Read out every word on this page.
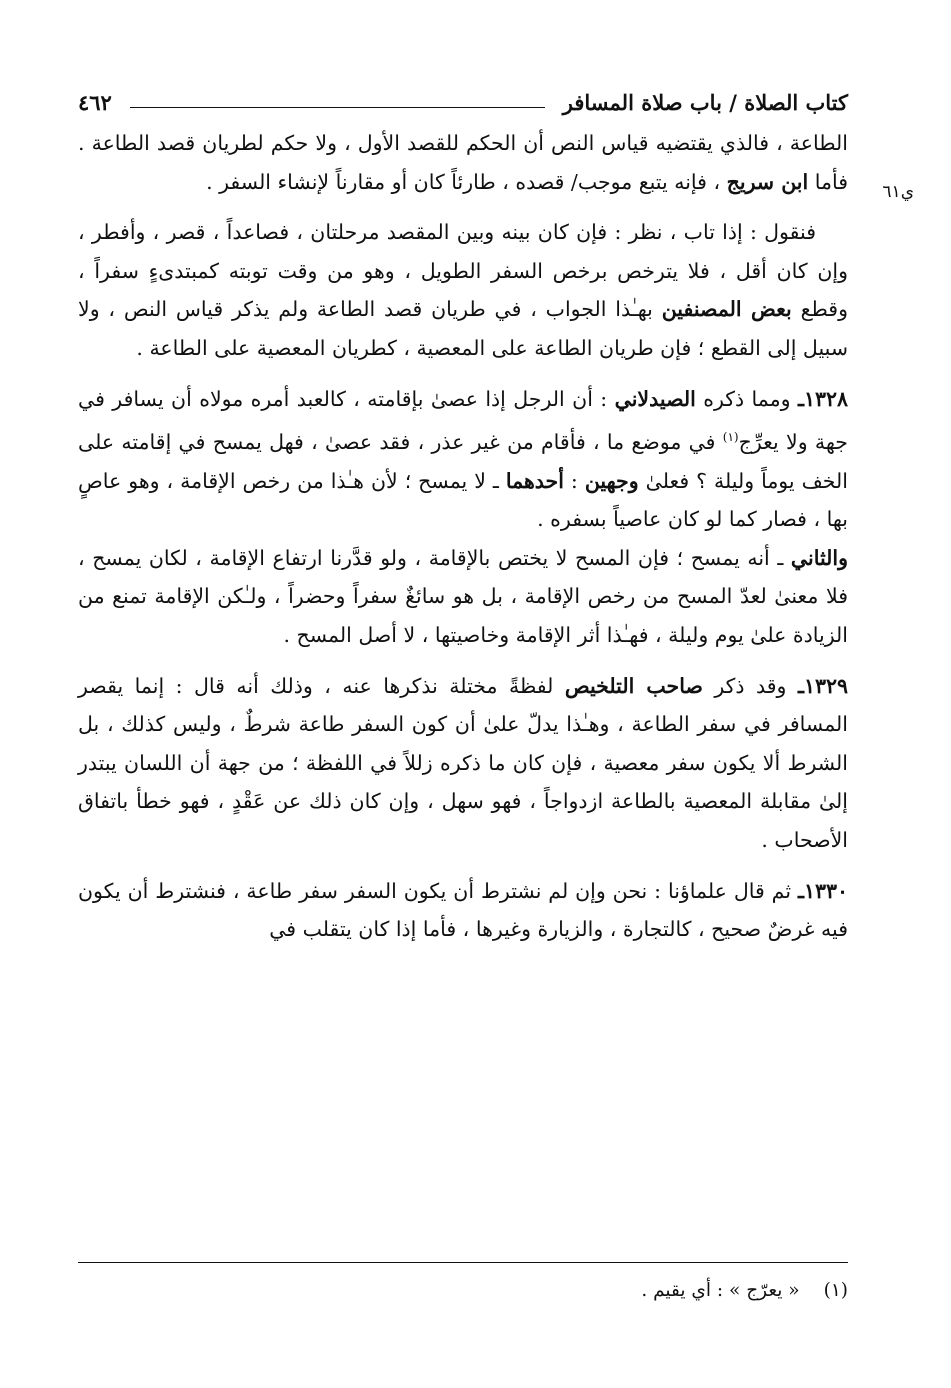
كتاب الصلاة / باب صلاة المسافر
٤٦٢
ي٦١

الطاعة ، فالذي يقتضيه قياس النص أن الحكم للقصد الأول ، ولا حكم لطريان قصد الطاعة . فأما ابن سريج ، فإنه يتبع موجب/ قصده ، طارئاً كان أو مقارناً لإنشاء السفر .

فنقول : إذا تاب ، نظر : فإن كان بينه وبين المقصد مرحلتان ، فصاعداً ، قصر ، وأفطر ، وإن كان أقل ، فلا يترخص برخص السفر الطويل ، وهو من وقت توبته كمبتدىءٍ سفراً ، وقطع بعض المصنفين بهـٰذا الجواب ، في طريان قصد الطاعة ولم يذكر قياس النص ، ولا سبيل إلى القطع ؛ فإن طريان الطاعة على المعصية ، كطريان المعصية على الطاعة .

١٣٢٨ـ ومما ذكره الصيدلاني : أن الرجل إذا عصىٰ بإقامته ، كالعبد أمره مولاه أن يسافر في جهة ولا يعرِّج$^{(١)}$ في موضع ما ، فأقام من غير عذر ، فقد عصىٰ ، فهل يمسح في إقامته على الخف يوماً وليلة ؟ فعلىٰ وجهين : أحدهما ـ لا يمسح ؛ لأن هـٰذا من رخص الإقامة ، وهو عاصٍ بها ، فصار كما لو كان عاصياً بسفره .

والثاني ـ أنه يمسح ؛ فإن المسح لا يختص بالإقامة ، ولو قدَّرنا ارتفاع الإقامة ، لكان يمسح ، فلا معنىٰ لعدّ المسح من رخص الإقامة ، بل هو سائغٌ سفراً وحضراً ، ولـٰكن الإقامة تمنع من الزيادة علىٰ يوم وليلة ، فهـٰذا أثر الإقامة وخاصيتها ، لا أصل المسح .

١٣٢٩ـ وقد ذكر صاحب التلخيص لفظةً مختلة نذكرها عنه ، وذلك أنه قال : إنما يقصر المسافر في سفر الطاعة ، وهـٰذا يدلّ علىٰ أن كون السفر طاعة شرطٌ ، وليس كذلك ، بل الشرط ألا يكون سفر معصية ، فإن كان ما ذكره زللاً في اللفظة ؛ من جهة أن اللسان يبتدر إلىٰ مقابلة المعصية بالطاعة ازدواجاً ، فهو سهل ، وإن كان ذلك عن عَقْدٍ ، فهو خطأ باتفاق الأصحاب .

١٣٣٠ـ ثم قال علماؤنا : نحن وإن لم نشترط أن يكون السفر سفر طاعة ، فنشترط أن يكون فيه غرضٌ صحيح ، كالتجارة ، والزيارة وغيرها ، فأما إذا كان يتقلب في

(١)« يعرّج » : أي يقيم .
